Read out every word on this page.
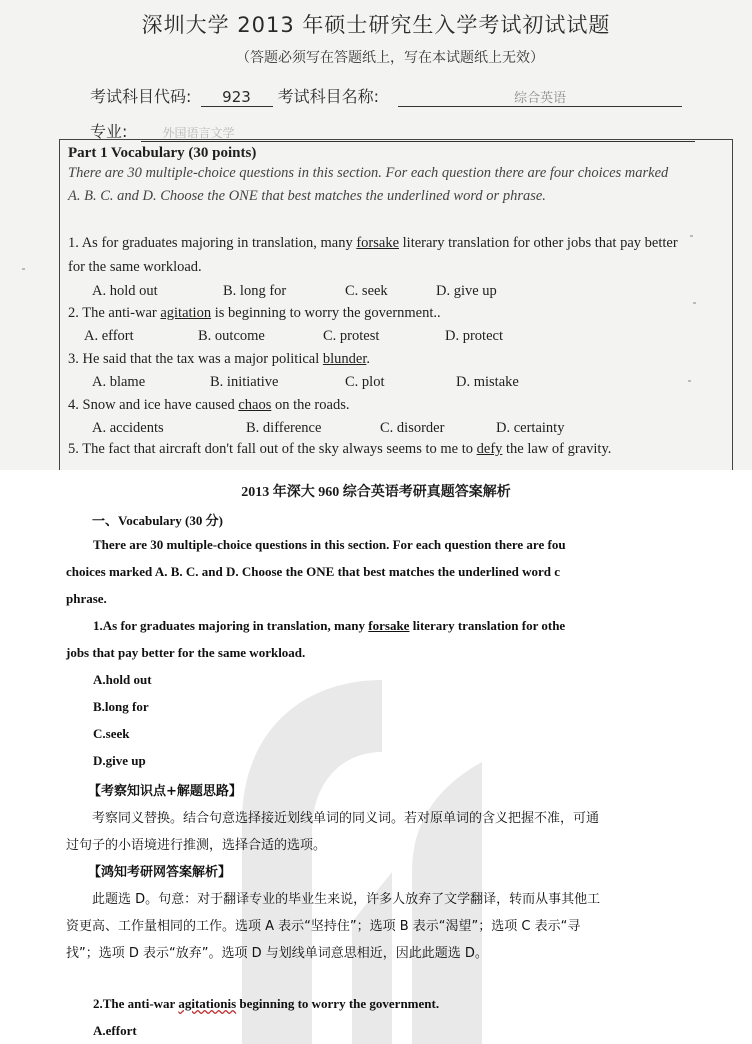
深圳大学 2013 年硕士研究生入学考试初试试题
（答题必须写在答题纸上，写在本试题纸上无效）
考试科目代码: 923 考试科目名称:	综合英语
专业:	外国语言文学
Part 1 Vocabulary (30 points)
There are 30 multiple-choice questions in this section. For each question there are four choices marked
A. B. C. and D. Choose the ONE that best matches the underlined word or phrase.
1. As for graduates majoring in translation, many forsake literary translation for other jobs that pay better
for the same workload.
A. hold out	B. long for	C. seek	D. give up
2. The anti-war agitation is beginning to worry the government..
A. effort	B. outcome	C. protest	D. protect
3. He said that the tax was a major political blunder.
A. blame	B. initiative	C. plot	D. mistake
4. Snow and ice have caused chaos on the roads.
A. accidents	B. difference	C. disorder	D. certainty
5. The fact that aircraft don't fall out of the sky always seems to me to defy the law of gravity.
2013 年深大 960 综合英语考研真题答案解析
一、Vocabulary (30 分)
There are 30 multiple-choice questions in this section. For each question there are fou
choices marked A. B. C. and D. Choose the ONE that best matches the underlined word c
phrase.
1.As for graduates majoring in translation, many forsake literary translation for othe
jobs that pay better for the same workload.
A.hold out
B.long for
C.seek
D.give up
【考察知识点+解题思路】
考察同义替换。结合句意选择接近划线单词的同义词。若对原单词的含义把握不准，可通
过句子的小语境进行推测，选择合适的选项。
【鸿知考研网答案解析】
此题选 D。句意：对于翻译专业的毕业生来说，许多人放弃了文学翻译，转而从事其他工
资更高、工作量相同的工作。选项 A 表示“坚持住”；选项 B 表示“渴望”；选项 C 表示“寻
找”；选项 D 表示“放弃”。选项 D 与划线单词意思相近，因此此题选 D。
2.The anti-war agitationis beginning to worry the government.
A.effort
